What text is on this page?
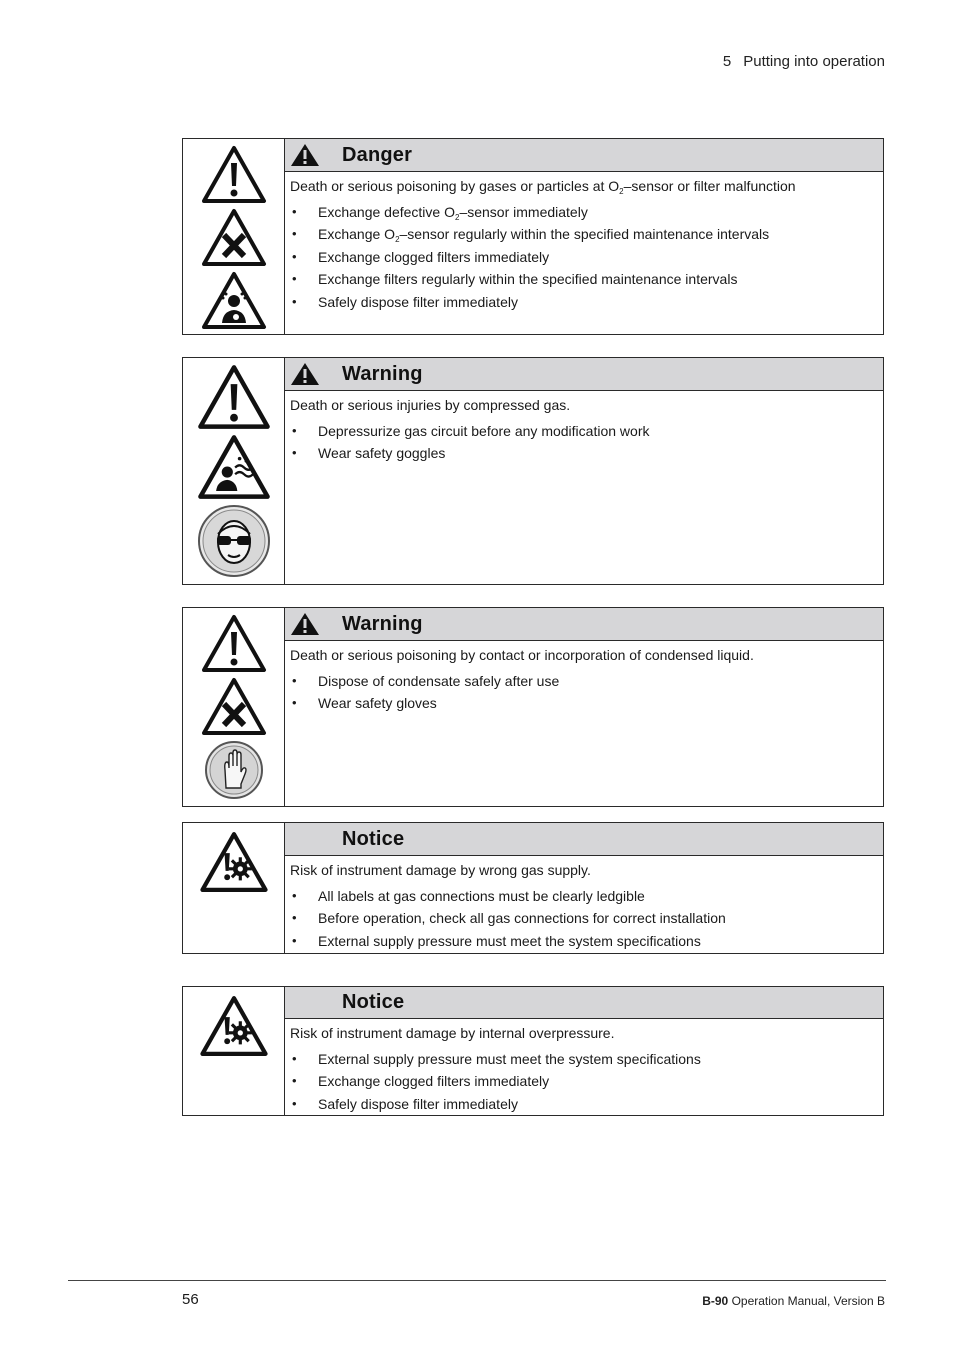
5 Putting into operation
Danger

Death or serious poisoning by gases or particles at $O_2$–sensor or filter malfunction

• Exchange defective $O_2$–sensor immediately
• Exchange $O_2$–sensor regularly within the specified maintenance intervals
• Exchange clogged filters immediately
• Exchange filters regularly within the specified maintenance intervals
• Safely dispose filter immediately
Warning

Death or serious injuries by compressed gas.

• Depressurize gas circuit before any modification work
• Wear safety goggles
Warning

Death or serious poisoning by contact or incorporation of condensed liquid.

• Dispose of condensate safely after use
• Wear safety gloves
Notice

Risk of instrument damage by wrong gas supply.

• All labels at gas connections must be clearly ledgible
• Before operation, check all gas connections for correct installation
• External supply pressure must meet the system specifications
Notice

Risk of instrument damage by internal overpressure.

• External supply pressure must meet the system specifications
• Exchange clogged filters immediately
• Safely dispose filter immediately
56	B-90 Operation Manual, Version B
